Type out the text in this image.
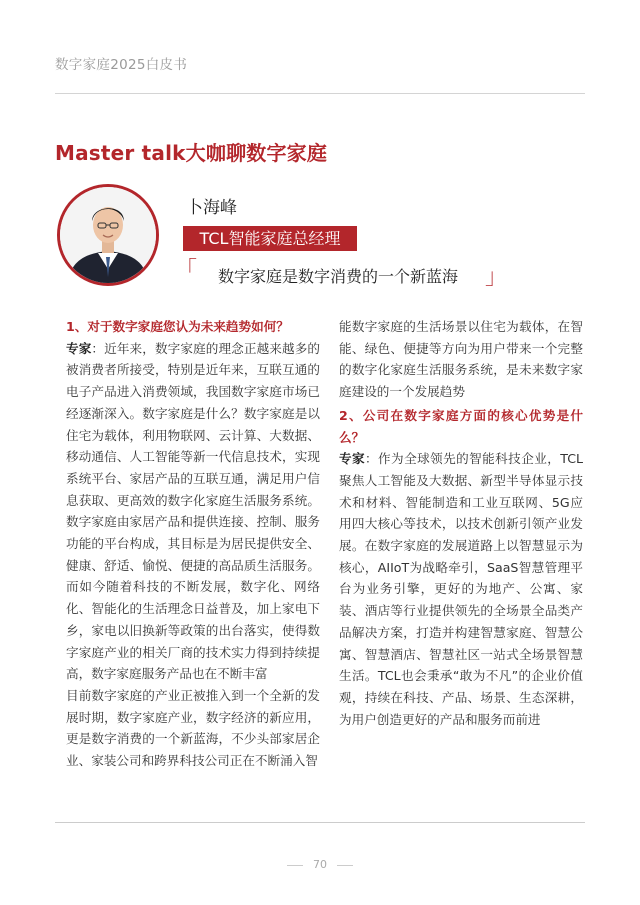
数字家庭2025白皮书
Master talk大咖聊数字家庭
卜海峰
TCL智能家庭总经理
「 数字家庭是数字消费的一个新蓝海 」
1、对于数字家庭您认为未来趋势如何？
专家：近年来，数字家庭的理念正越来越多的被消费者所接受，特别是近年来，互联互通的电子产品进入消费领域，我国数字家庭市场已经逐渐深入。数字家庭是什么？数字家庭是以住宅为载体，利用物联网、云计算、大数据、移动通信、人工智能等新一代信息技术，实现系统平台、家居产品的互联互通，满足用户信息获取、更高效的数字化家庭生活服务系统。数字家庭由家居产品和提供连接、控制、服务功能的平台构成，其目标是为居民提供安全、健康、舒适、愉悦、便捷的高品质生活服务。而如今随着科技的不断发展，数字化、网络化、智能化的生活理念日益普及，加上家电下乡，家电以旧换新等政策的出台落实，使得数字家庭产业的相关厂商的技术实力得到持续提高，数字家庭服务产品也在不断丰富
目前数字家庭的产业正被推入到一个全新的发展时期，数字家庭产业，数字经济的新应用，更是数字消费的一个新蓝海，不少头部家居企业、家装公司和跨界科技公司正在不断涌入智
能数字家庭的生活场景以住宅为载体，在智能、绿色、便捷等方向为用户带来一个完整的数字化家庭生活服务系统，是未来数字家庭建设的一个发展趋势
2、公司在数字家庭方面的核心优势是什么？
专家：作为全球领先的智能科技企业，TCL聚焦人工智能及大数据、新型半导体显示技术和材料、智能制造和工业互联网、5G应用四大核心等技术，以技术创新引领产业发展。在数字家庭的发展道路上以智慧显示为核心，AIIoT为战略牵引，SaaS智慧管理平台为业务引擎，更好的为地产、公寓、家装、酒店等行业提供领先的全场景全品类产品解决方案，打造并构建智慧家庭、智慧公寓、智慧酒店、智慧社区一站式全场景智慧生活。TCL也会秉承“敢为不凡”的企业价值观，持续在科技、产品、场景、生态深耕，为用户创造更好的产品和服务而前进
70
